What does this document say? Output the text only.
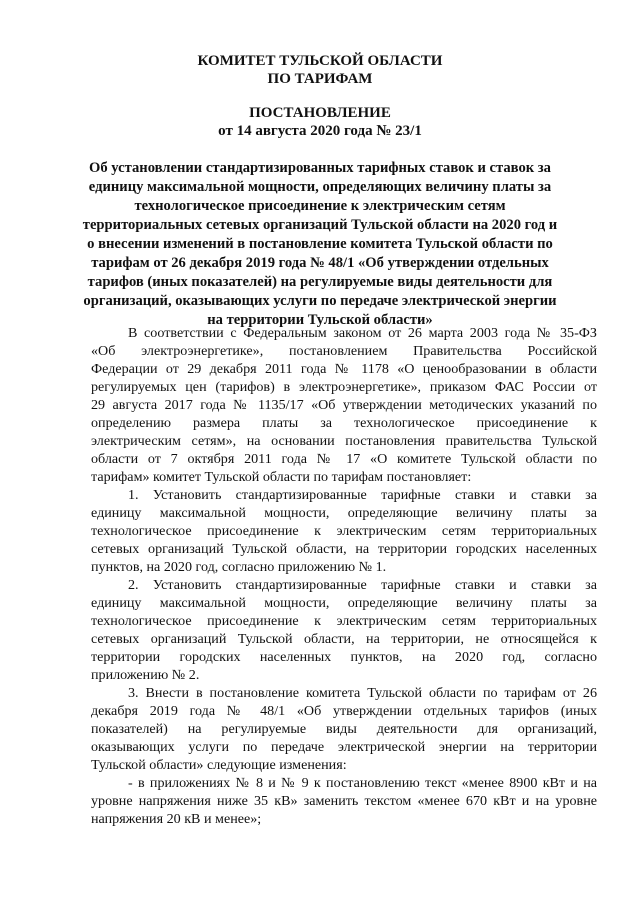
КОМИТЕТ ТУЛЬСКОЙ ОБЛАСТИ
ПО ТАРИФАМ
ПОСТАНОВЛЕНИЕ
от 14 августа 2020 года № 23/1
Об установлении стандартизированных тарифных ставок и ставок за
единицу максимальной мощности, определяющих величину платы за
технологическое присоединение к электрическим сетям
территориальных сетевых организаций Тульской области на 2020 год и
о внесении изменений в постановление комитета Тульской области по
тарифам от 26 декабря 2019 года № 48/1 «Об утверждении отдельных
тарифов (иных показателей) на регулируемые виды деятельности для
организаций, оказывающих услуги по передаче электрической энергии
на территории Тульской области»

В соответствии с Федеральным законом от 26 марта 2003 года № 35-ФЗ
«Об электроэнергетике», постановлением Правительства Российской
Федерации от 29 декабря 2011 года № 1178 «О ценообразовании в области
регулируемых цен (тарифов) в электроэнергетике», приказом ФАС России от
29 августа 2017 года № 1135/17 «Об утверждении методических указаний по
определению размера платы за технологическое присоединение к
электрическим сетям», на основании постановления правительства Тульской
области от 7 октября 2011 года № 17 «О комитете Тульской области по
тарифам» комитет Тульской области по тарифам постановляет:

1. Установить стандартизированные тарифные ставки и ставки за
единицу максимальной мощности, определяющие величину платы за
технологическое присоединение к электрическим сетям территориальных
сетевых организаций Тульской области, на территории городских населенных
пунктов, на 2020 год, согласно приложению № 1.

2. Установить стандартизированные тарифные ставки и ставки за
единицу максимальной мощности, определяющие величину платы за
технологическое присоединение к электрическим сетям территориальных
сетевых организаций Тульской области, на территории, не относящейся к
территории городских населенных пунктов, на 2020 год, согласно
приложению № 2.

3. Внести в постановление комитета Тульской области по тарифам от 26
декабря 2019 года № 48/1 «Об утверждении отдельных тарифов (иных
показателей) на регулируемые виды деятельности для организаций,
оказывающих услуги по передаче электрической энергии на территории
Тульской области» следующие изменения:

- в приложениях № 8 и № 9 к постановлению текст «менее 8900 кВт и на
уровне напряжения ниже 35 кВ» заменить текстом «менее 670 кВт и на уровне
напряжения 20 кВ и менее»;
